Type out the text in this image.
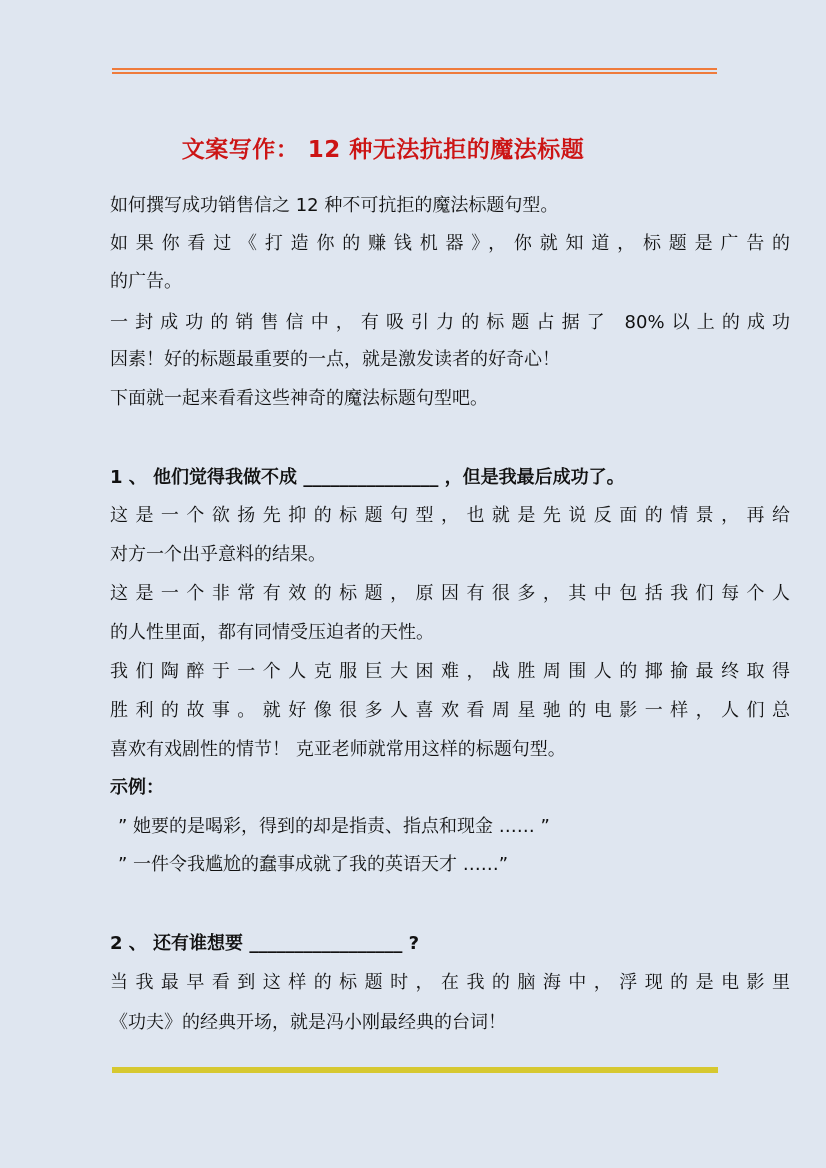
文案写作： 12 种无法抗拒的魔法标题
如何撰写成功销售信之 12 种不可抗拒的魔法标题句型。
如果你看过《打造你的赚钱机器》，你就知道，标题是广告的
的广告。
一封成功的销售信中，有吸引力的标题占据了 80%以上的成功
因素！好的标题最重要的一点，就是激发读者的好奇心！
下面就一起来看看这些神奇的魔法标题句型吧。
1 、 他们觉得我做不成 _______________ ，但是我最后成功了。
这是一个欲扬先抑的标题句型，也就是先说反面的情景，再给
对方一个出乎意料的结果。
这是一个非常有效的标题，原因有很多，其中包括我们每个人
的人性里面，都有同情受压迫者的天性。
我们陶醉于一个人克服巨大困难，战胜周围人的揶揄最终取得
胜利的故事。就好像很多人喜欢看周星驰的电影一样，人们总
喜欢有戏剧性的情节！ 克亚老师就常用这样的标题句型。
示例：
” 她要的是喝彩，得到的却是指责、指点和现金 …… ”
” 一件令我尴尬的蠢事成就了我的英语天才 ……”
2 、 还有谁想要 _________________ ?
当我最早看到这样的标题时，在我的脑海中，浮现的是电影里
《功夫》的经典开场，就是冯小刚最经典的台词！
